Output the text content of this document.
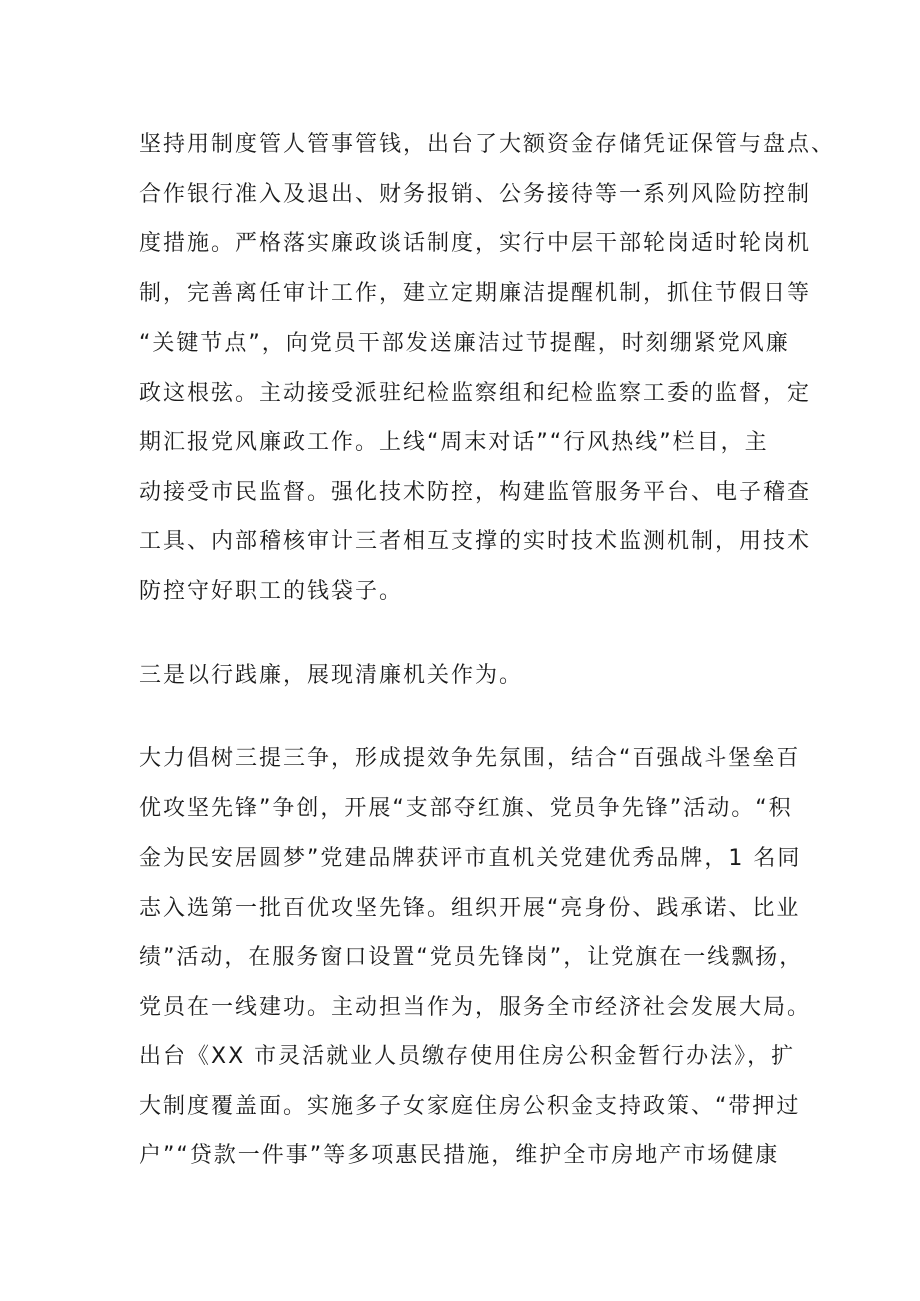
坚持用制度管人管事管钱，出台了大额资金存储凭证保管与盘点、
合作银行准入及退出、财务报销、公务接待等一系列风险防控制
度措施。严格落实廉政谈话制度，实行中层干部轮岗适时轮岗机
制，完善离任审计工作，建立定期廉洁提醒机制，抓住节假日等
“关键节点”，向党员干部发送廉洁过节提醒，时刻绷紧党风廉
政这根弦。主动接受派驻纪检监察组和纪检监察工委的监督，定
期汇报党风廉政工作。上线“周末对话”“行风热线”栏目，主
动接受市民监督。强化技术防控，构建监管服务平台、电子稽查
工具、内部稽核审计三者相互支撑的实时技术监测机制，用技术
防控守好职工的钱袋子。
三是以行践廉，展现清廉机关作为。
大力倡树三提三争，形成提效争先氛围，结合“百强战斗堡垒百
优攻坚先锋”争创，开展“支部夺红旗、党员争先锋”活动。“积
金为民安居圆梦”党建品牌获评市直机关党建优秀品牌，1 名同
志入选第一批百优攻坚先锋。组织开展“亮身份、践承诺、比业
绩”活动，在服务窗口设置“党员先锋岗”，让党旗在一线飘扬，
党员在一线建功。主动担当作为，服务全市经济社会发展大局。
出台《XX 市灵活就业人员缴存使用住房公积金暂行办法》，扩
大制度覆盖面。实施多子女家庭住房公积金支持政策、“带押过
户”“贷款一件事”等多项惠民措施，维护全市房地产市场健康
